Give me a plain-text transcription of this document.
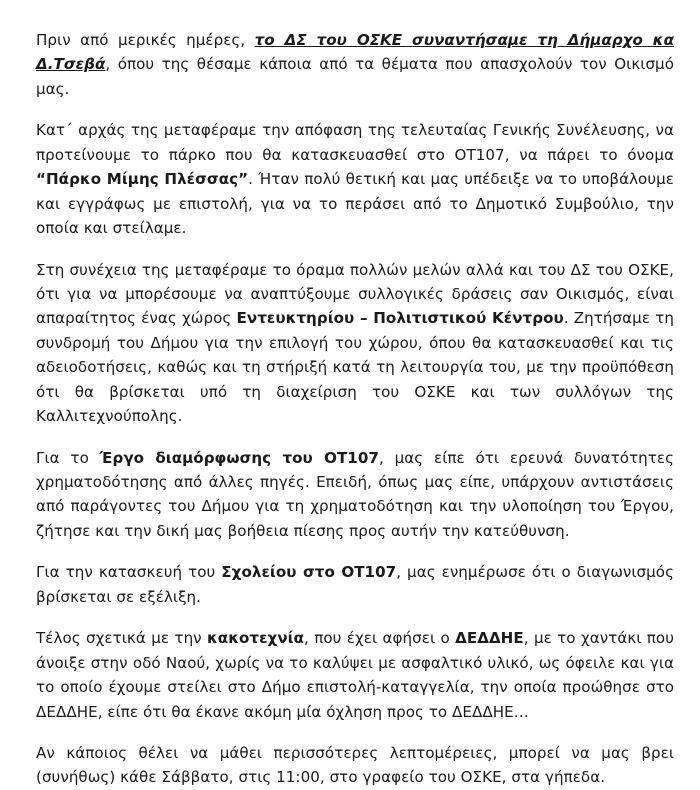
Πριν από μερικές ημέρες, το ΔΣ του ΟΣΚΕ συναντήσαμε τη Δήμαρχο κα Δ.Τσεβά, όπου της θέσαμε κάποια από τα θέματα που απασχολούν τον Οικισμό μας.

Κατ΄ αρχάς της μεταφέραμε την απόφαση της τελευταίας Γενικής Συνέλευσης, να προτείνουμε το πάρκο που θα κατασκευασθεί στο ΟΤ107, να πάρει το όνομα “Πάρκο Μίμης Πλέσσας”. Ήταν πολύ θετική και μας υπέδειξε να το υποβάλουμε και εγγράφως με επιστολή, για να το περάσει από το Δημοτικό Συμβούλιο, την οποία και στείλαμε.

Στη συνέχεια της μεταφέραμε το όραμα πολλών μελών αλλά και του ΔΣ του ΟΣΚΕ, ότι για να μπορέσουμε να αναπτύξουμε συλλογικές δράσεις σαν Οικισμός, είναι απαραίτητος ένας χώρος Εντευκτηρίου – Πολιτιστικού Κέντρου. Ζητήσαμε τη συνδρομή του Δήμου για την επιλογή του χώρου, όπου θα κατασκευασθεί και τις αδειοδοτήσεις, καθώς και τη στήριξή κατά τη λειτουργία του, με την προϋπόθεση ότι θα βρίσκεται υπό τη διαχείριση του ΟΣΚΕ και των συλλόγων της Καλλιτεχνούπολης.

Για το Έργο διαμόρφωσης του ΟΤ107, μας είπε ότι ερευνά δυνατότητες χρηματοδότησης από άλλες πηγές. Επειδή, όπως μας είπε, υπάρχουν αντιστάσεις από παράγοντες του Δήμου για τη χρηματοδότηση και την υλοποίηση του Έργου, ζήτησε και την δική μας βοήθεια πίεσης προς αυτήν την κατεύθυνση.

Για την κατασκευή του Σχολείου στο ΟΤ107, μας ενημέρωσε ότι ο διαγωνισμός βρίσκεται σε εξέλιξη.

Τέλος σχετικά με την κακοτεχνία, που έχει αφήσει ο ΔΕΔΔΗΕ, με το χαντάκι που άνοιξε στην οδό Ναού, χωρίς να το καλύψει με ασφαλτικό υλικό, ως όφειλε και για το οποίο έχουμε στείλει στο Δήμο επιστολή-καταγγελία, την οποία προώθησε στο ΔΕΔΔΗΕ, είπε ότι θα έκανε ακόμη μία όχληση προς το ΔΕΔΔΗΕ…

Αν κάποιος θέλει να μάθει περισσότερες λεπτομέρειες, μπορεί να μας βρει (συνήθως) κάθε Σάββατο, στις 11:00, στο γραφείο του ΟΣΚΕ, στα γήπεδα.
